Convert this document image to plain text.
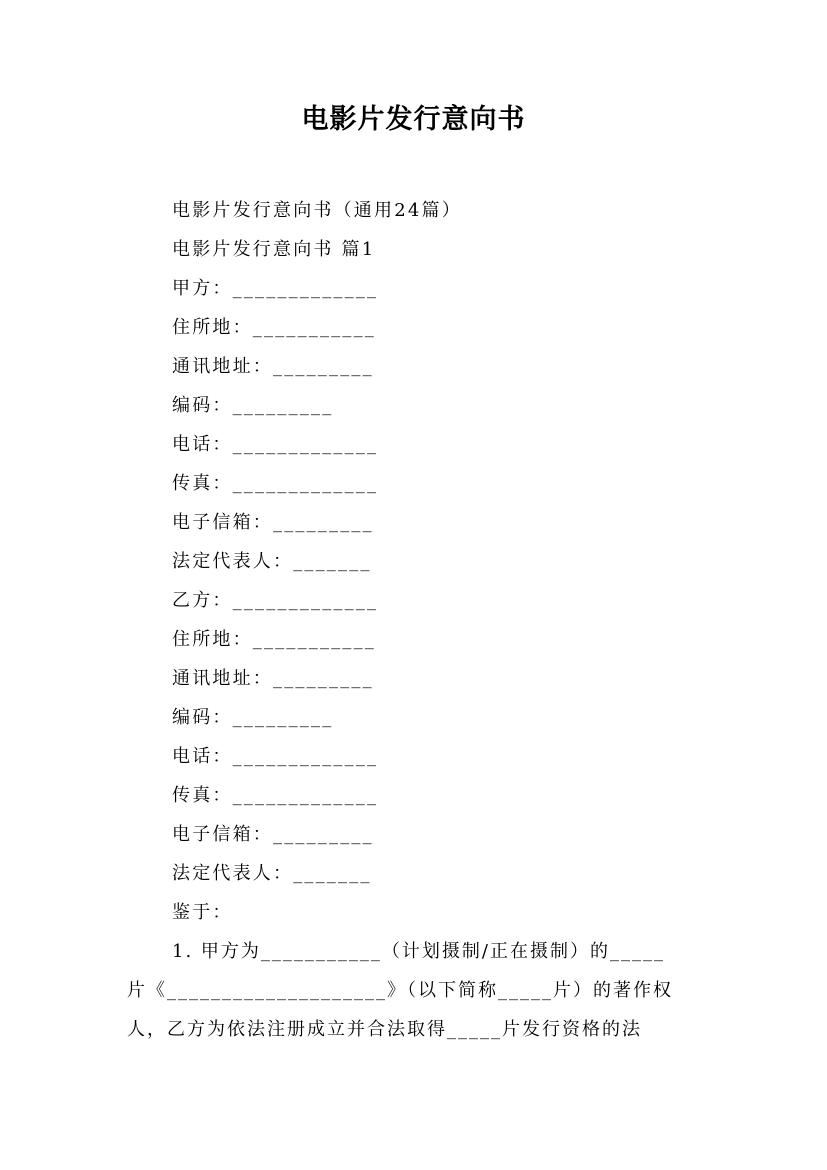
电影片发行意向书
电影片发行意向书（通用24篇）
电影片发行意向书 篇1
甲方：_____________
住所地：___________
通讯地址：_________
编码：_________
电话：_____________
传真：_____________
电子信箱：_________
法定代表人：_______
乙方：_____________
住所地：___________
通讯地址：_________
编码：_________
电话：_____________
传真：_____________
电子信箱：_________
法定代表人：_______
鉴于：
1. 甲方为___________（计划摄制/正在摄制）的_____
片《____________________》（以下简称_____片）的著作权
人，乙方为依法注册成立并合法取得_____片发行资格的法
